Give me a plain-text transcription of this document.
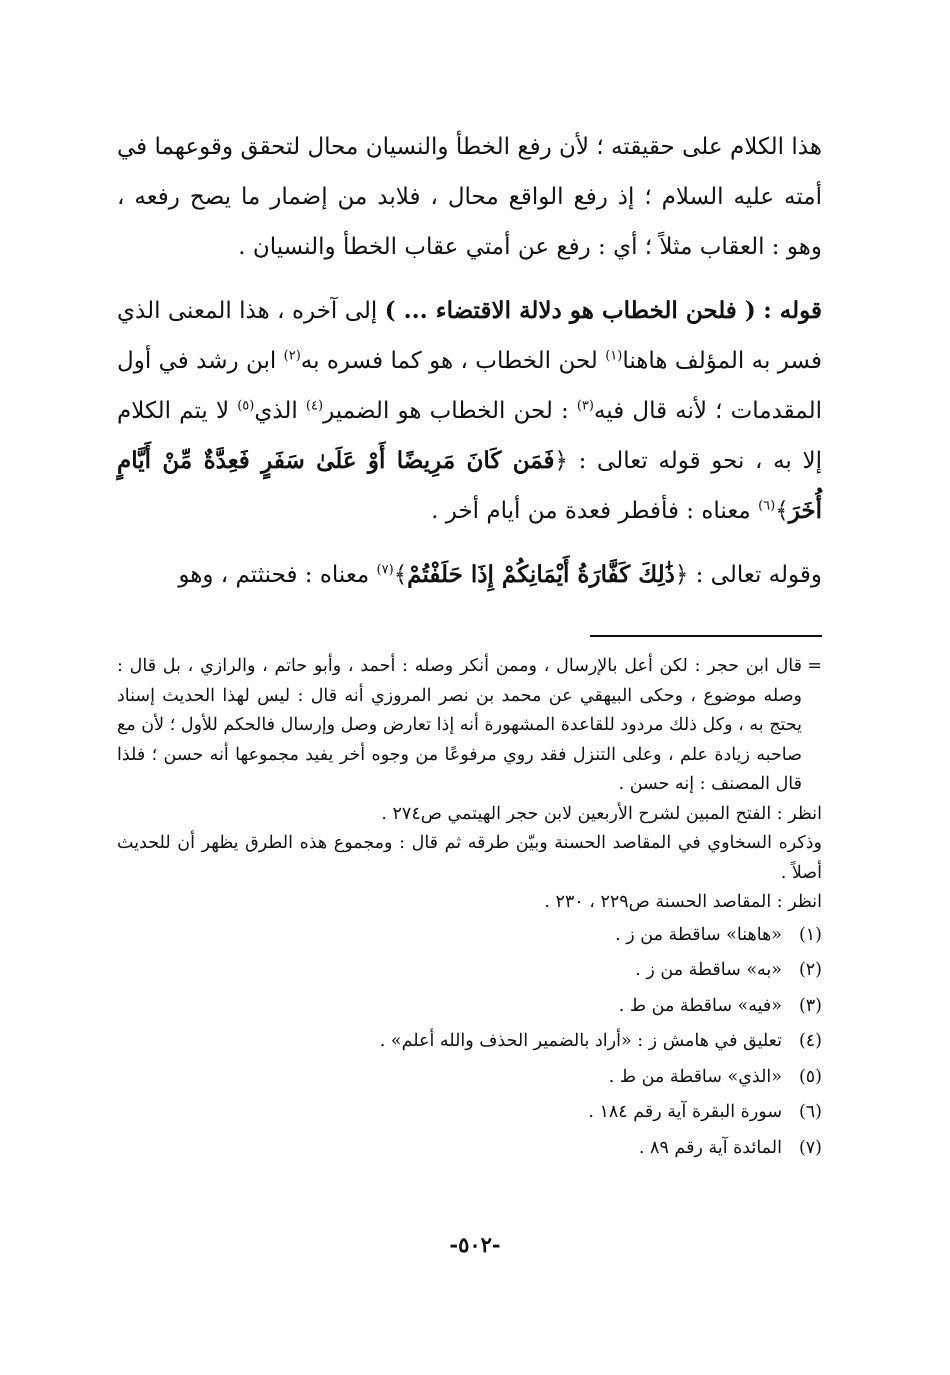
هذا الكلام على حقيقته ؛ لأن رفع الخطأ والنسيان محال لتحقق وقوعهما في أمته عليه السلام ؛ إذ رفع الواقع محال ، فلابد من إضمار ما يصح رفعه ، وهو : العقاب مثلاً ؛ أي : رفع عن أمتي عقاب الخطأ والنسيان .

قوله : ( فلحن الخطاب هو دلالة الاقتضاء ... ) إلى آخره ، هذا المعنى الذي فسر به المؤلف هاهنا$^{(١)}$ لحن الخطاب ، هو كما فسره به$^{(٢)}$ ابن رشد في أول المقدمات ؛ لأنه قال فيه$^{(٣)}$ : لحن الخطاب هو الضمير$^{(٤)}$ الذي$^{(٥)}$ لا يتم الكلام إلا به ، نحو قوله تعالى : ﴿فَمَن كَانَ مَرِيضًا أَوْ عَلَىٰ سَفَرٍ فَعِدَّةٌ مِّنْ أَيَّامٍ أُخَرَ﴾$^{(٦)}$ معناه : فأفطر فعدة من أيام أخر .

وقوله تعالى : ﴿ذَٰلِكَ كَفَّارَةُ أَيْمَانِكُمْ إِذَا حَلَفْتُمْ﴾$^{(٧)}$ معناه : فحنثتم ، وهو

=

قال ابن حجر : لكن أعل بالإرسال ، وممن أنكر وصله : أحمد ، وأبو حاتم ، والرازي ، بل قال : وصله موضوع ، وحكى البيهقي عن محمد بن نصر المروزي أنه قال : ليس لهذا الحديث إسناد يحتج به ، وكل ذلك مردود للقاعدة المشهورة أنه إذا تعارض وصل وإرسال فالحكم للأول ؛ لأن مع صاحبه زيادة علم ، وعلى التنزل فقد روي مرفوعًا من وجوه أخر يفيد مجموعها أنه حسن ؛ فلذا قال المصنف : إنه حسن .

انظر : الفتح المبين لشرح الأربعين لابن حجر الهيتمي ص٢٧٤ .

وذكره السخاوي في المقاصد الحسنة وبيّن طرقه ثم قال : ومجموع هذه الطرق يظهر أن للحديث أصلاً .

انظر : المقاصد الحسنة ص٢٢٩ ، ٢٣٠ .

(١)
«هاهنا» ساقطة من ز .
(٢)
«به» ساقطة من ز .
(٣)
«فيه» ساقطة من ط .
(٤)
تعليق في هامش ز : «أراد بالضمير الحذف والله أعلم» .
(٥)
«الذي» ساقطة من ط .
(٦)
سورة البقرة آية رقم ١٨٤ .
(٧)
المائدة آية رقم ٨٩ .
-٥٠٢-
